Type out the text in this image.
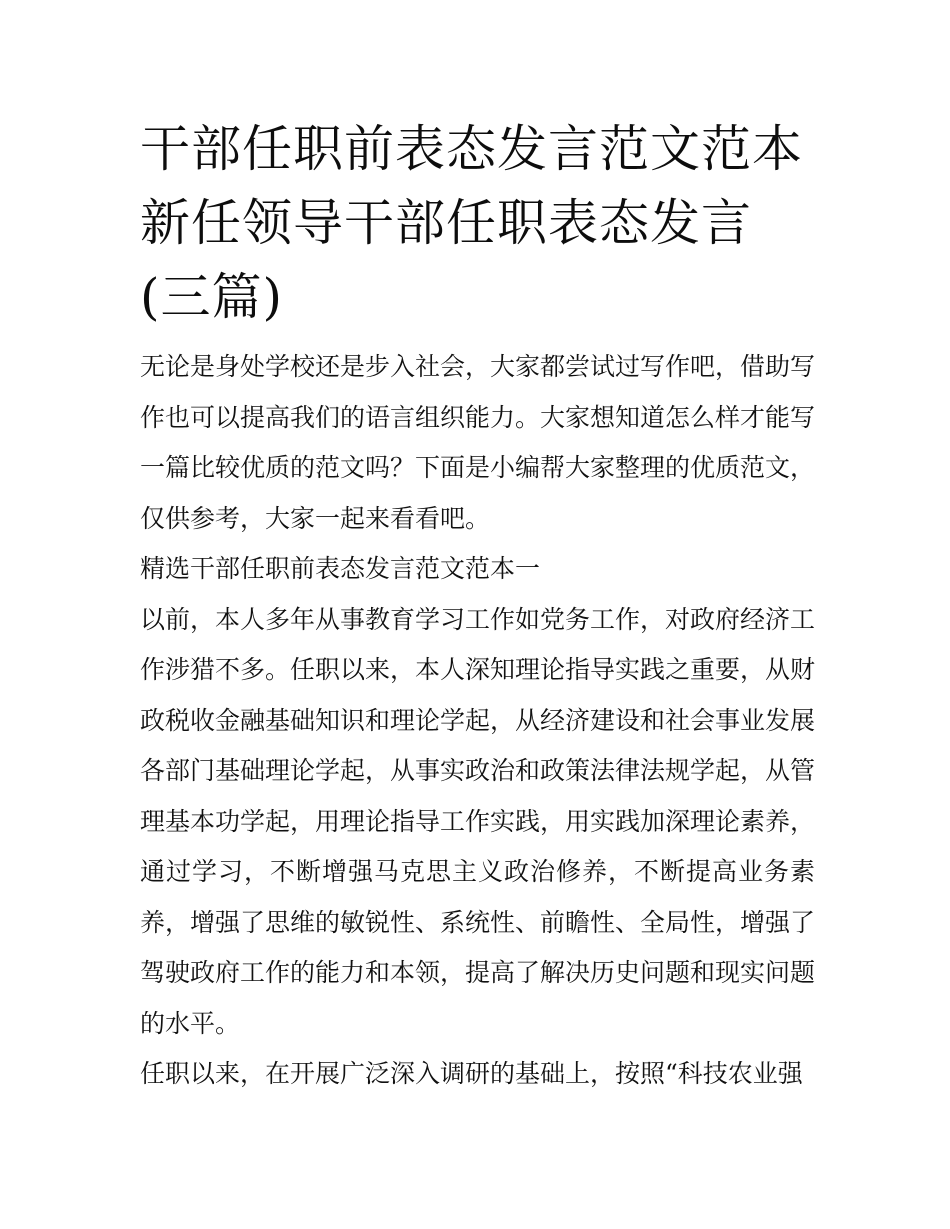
干部任职前表态发言范文范本新任领导干部任职表态发言(三篇)

无论是身处学校还是步入社会，大家都尝试过写作吧，借助写作也可以提高我们的语言组织能力。大家想知道怎么样才能写一篇比较优质的范文吗？下面是小编帮大家整理的优质范文，仅供参考，大家一起来看看吧。

精选干部任职前表态发言范文范本一

以前，本人多年从事教育学习工作如党务工作，对政府经济工作涉猎不多。任职以来，本人深知理论指导实践之重要，从财政税收金融基础知识和理论学起，从经济建设和社会事业发展各部门基础理论学起，从事实政治和政策法律法规学起，从管理基本功学起，用理论指导工作实践，用实践加深理论素养，通过学习，不断增强马克思主义政治修养，不断提高业务素养，增强了思维的敏锐性、系统性、前瞻性、全局性，增强了驾驶政府工作的能力和本领，提高了解决历史问题和现实问题的水平。

任职以来，在开展广泛深入调研的基础上，按照“科技农业强
